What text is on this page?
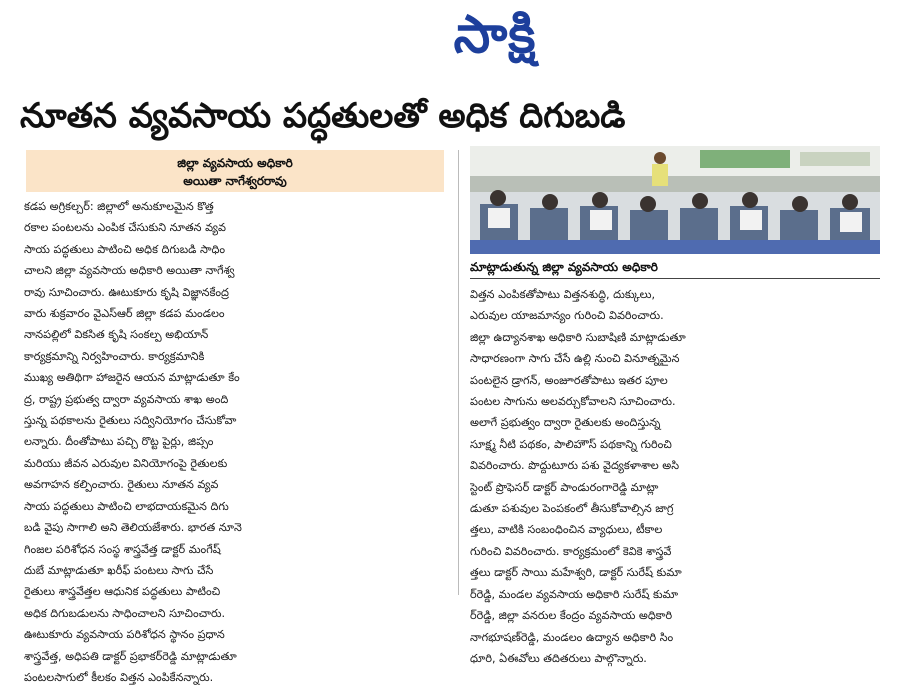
సాక్షి
నూతన వ్యవసాయ పద్ధతులతో అధిక దిగుబడి
జిల్లా వ్యవసాయ అధికారి
అయితా నాగేశ్వరరావు

కడప అగ్రికల్చర్‌: జిల్లాలో అనుకూలమైన కొత్త

రకాల పంటలను ఎంపిక చేసుకుని నూతన వ్యవ

సాయ పద్ధతులు పాటించి అధిక దిగుబడి సాధిం

చాలని జిల్లా వ్యవసాయ అధికారి అయితా నాగేశ్వ

రావు సూచించారు. ఊటుకూరు కృషి విజ్ఞానకేంద్ర

వారు శుక్రవారం వైఎస్‌ఆర్‌ జిల్లా కడప మండలం

నానపల్లిలో వికసిత కృషి సంకల్ప అభియాన్‌

కార్యక్రమాన్ని నిర్వహించారు. కార్యక్రమానికి

ముఖ్య అతిథిగా హాజరైన ఆయన మాట్లాడుతూ కేం

ద్ర, రాష్ట్ర ప్రభుత్వ ద్వారా వ్యవసాయ శాఖ అంది

స్తున్న పథకాలను రైతులు సద్వినియోగం చేసుకోవా

లన్నారు. దీంతోపాటు పచ్చి రొట్ట పైర్లు, జిప్సం

మరియు జీవన ఎరువుల వినియోగంపై రైతులకు

అవగాహన కల్పించారు. రైతులు నూతన వ్యవ

సాయ పద్ధతులు పాటించి లాభదాయకమైన దిగు

బడి వైపు సాగాలి అని తెలియజేశారు. భారత నూనె

గింజల పరిశోధన సంస్థ శాస్త్రవేత్త డాక్టర్‌ మంగేష్‌

దుబే మాట్లాడుతూ ఖరీఫ్‌ పంటలు సాగు చేసే

రైతులు శాస్త్రవేత్తల ఆధునిక పద్ధతులు పాటించి

అధిక దిగుబడులను సాధించాలని సూచించారు.

ఊటుకూరు వ్యవసాయ పరిశోధన స్థానం ప్రధాన

శాస్త్రవేత్త, అధిపతి డాక్టర్‌ ప్రభాకర్‌రెడ్డి మాట్లాడుతూ

పంటలసాగులో కీలకం విత్తన ఎంపికేనన్నారు.

మాట్లాడుతున్న జిల్లా వ్యవసాయ అధికారి

విత్తన ఎంపికతోపాటు విత్తనశుద్ధి, దుక్కులు,

ఎరువుల యాజమాన్యం గురించి వివరించారు.

జిల్లా ఉద్యానశాఖ అధికారి సుబాషిణి మాట్లాడుతూ

సాధారణంగా సాగు చేసే ఉల్లి నుంచి వినూత్నమైన

పంటలైన డ్రాగన్‌, అంజూరతోపాటు ఇతర పూల

పంటల సాగును అలవర్చుకోవాలని సూచించారు.

అలాగే ప్రభుత్వం ద్వారా రైతులకు అందిస్తున్న

సూక్ష్మ నీటి పథకం, పాలిహౌస్‌ పథకాన్ని గురించి

వివరించారు. పొద్దుటూరు పశు వైద్యకళాశాల అసి

స్టెంట్‌ ప్రొఫెసర్‌ డాక్టర్‌ పాండురంగారెడ్డి మాట్లా

డుతూ పశువుల పెంపకంలో తీసుకోవాల్సిన జాగ్ర

త్తలు, వాటికి సంబంధించిన వ్యాధులు, టీకాల

గురించి వివరించారు. కార్యక్రమంలో కెవికె శాస్త్రవే

త్తలు డాక్టర్‌ సాయి మహేశ్వరి, డాక్టర్‌ సురేష్‌ కుమా

ర్‌రెడ్డి, మండల వ్యవసాయ అధికారి సురేష్‌ కుమా

ర్‌రెడ్డి, జిల్లా వనరుల కేంద్రం వ్యవసాయ అధికారి

నాగభూషణ్‌రెడ్డి, మండలం ఉద్యాన అధికారి సిం

ధూరి, ఏఈవోలు తదితరులు పాల్గొన్నారు.
